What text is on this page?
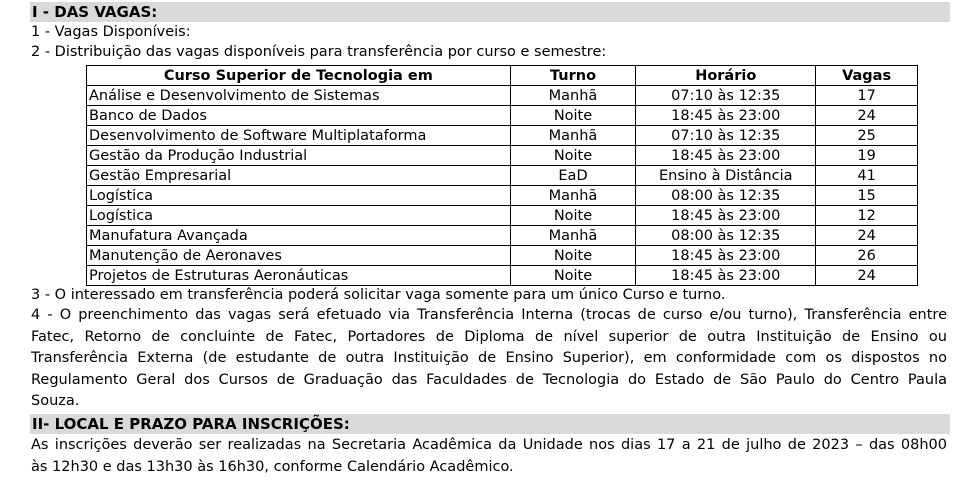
I - DAS VAGAS:
1 - Vagas Disponíveis:
2 - Distribuição das vagas disponíveis para transferência por curso e semestre:
Curso Superior de Tecnologia em	Turno	Horário	Vagas
Análise e Desenvolvimento de Sistemas	Manhã	07:10 às 12:35	17
Banco de Dados	Noite	18:45 às 23:00	24
Desenvolvimento de Software Multiplataforma	Manhã	07:10 às 12:35	25
Gestão da Produção Industrial	Noite	18:45 às 23:00	19
Gestão Empresarial	EaD	Ensino à Distância	41
Logística	Manhã	08:00 às 12:35	15
Logística	Noite	18:45 às 23:00	12
Manufatura Avançada	Manhã	08:00 às 12:35	24
Manutenção de Aeronaves	Noite	18:45 às 23:00	26
Projetos de Estruturas Aeronáuticas	Noite	18:45 às 23:00	24
3 - O interessado em transferência poderá solicitar vaga somente para um único Curso e turno.
4 - O preenchimento das vagas será efetuado via Transferência Interna (trocas de curso e/ou turno), Transferência entre
Fatec, Retorno de concluinte de Fatec, Portadores de Diploma de nível superior de outra Instituição de Ensino ou
Transferência Externa (de estudante de outra Instituição de Ensino Superior), em conformidade com os dispostos no
Regulamento Geral dos Cursos de Graduação das Faculdades de Tecnologia do Estado de São Paulo do Centro Paula
Souza.
II- LOCAL E PRAZO PARA INSCRIÇÕES:
As inscrições deverão ser realizadas na Secretaria Acadêmica da Unidade nos dias 17 a 21 de julho de 2023 – das 08h00
às 12h30 e das 13h30 às 16h30, conforme Calendário Acadêmico.
